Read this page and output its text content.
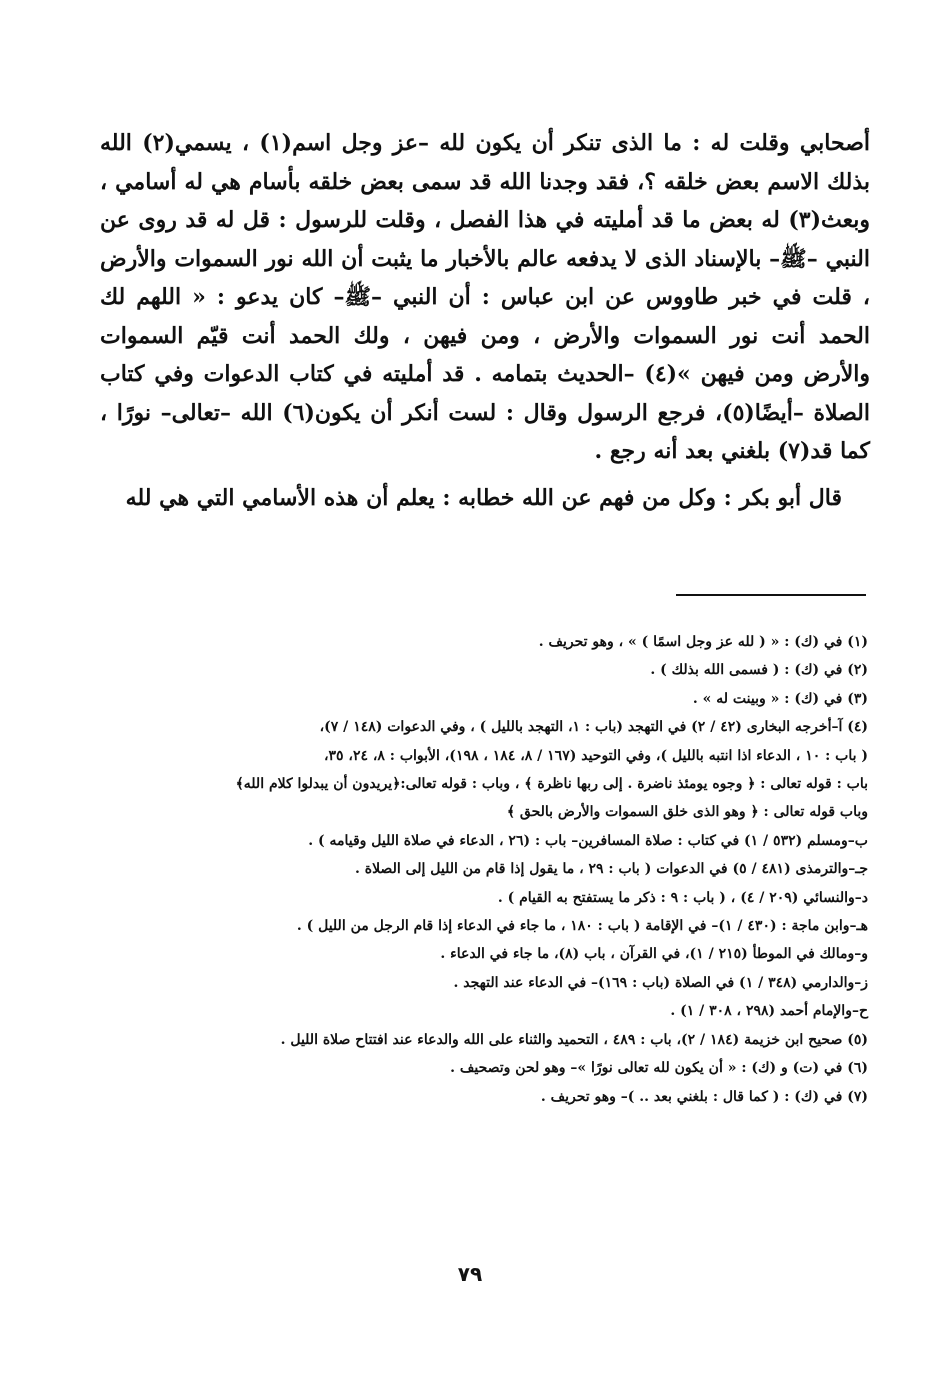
أصحابي وقلت له : ما الذى تنكر أن يكون لله –عز وجل اسم(١) ، يسمي(٢) الله بذلك الاسم بعض خلقه ؟، فقد وجدنا الله قد سمى بعض خلقه بأسام هي له أسامي ، وبعث(٣) له بعض ما قد أمليته في هذا الفصل ، وقلت للرسول : قل له قد روى عن النبي –ﷺ– بالإسناد الذى لا يدفعه عالم بالأخبار ما يثبت أن الله نور السموات والأرض ، قلت في خبر طاووس عن ابن عباس : أن النبي –ﷺ– كان يدعو : « اللهم لك الحمد أنت نور السموات والأرض ، ومن فيهن ، ولك الحمد أنت قيّم السموات والأرض ومن فيهن »(٤) –الحديث بتمامه . قد أمليته في كتاب الدعوات وفي كتاب الصلاة –أيضًا(٥)، فرجع الرسول وقال : لست أنكر أن يكون(٦) الله –تعالى– نورًا ، كما قد(٧) بلغني بعد أنه رجع .

قال أبو بكر : وكل من فهم عن الله خطابه : يعلم أن هذه الأسامي التي هي لله

(١) في (ك) : « ( لله عز وجل اسمًا ) » ، وهو تحريف .
(٢) في (ك) : ( فسمى الله بذلك ) .
(٣) في (ك) : « وبينت له » .
(٤) آ–أخرجه البخارى (٤٢ / ٢) في التهجد (باب : ١، التهجد بالليل ) ، وفي الدعوات (١٤٨ / ٧)،
( باب : ١٠ ، الدعاء اذا انتبه بالليل )، وفي التوحيد (١٦٧ / ٨، ١٨٤ ، ١٩٨)، الأبواب : ٨، ٢٤، ٣٥،
باب : قوله تعالى : ﴿ وجوه يومئذ ناضرة . إلى ربها ناظرة ﴾ ، وباب : قوله تعالى:﴿يريدون أن يبدلوا كلام الله﴾
وباب قوله تعالى : ﴿ وهو الذى خلق السموات والأرض بالحق ﴾
ب–ومسلم (٥٣٢ / ١) في كتاب : صلاة المسافرين– باب : (٢٦ ، الدعاء في صلاة الليل وقيامه ) .
جـ–والترمذى (٤٨١ / ٥) في الدعوات ( باب : ٢٩ ، ما يقول إذا قام من الليل إلى الصلاة .
د–والنسائي (٢٠٩ / ٤) ، ( باب : ٩ : ذكر ما يستفتح به القيام ) .
هـ–وابن ماجة : (٤٣٠ / ١)– في الإقامة ( باب : ١٨٠ ، ما جاء في الدعاء إذا قام الرجل من الليل ) .
و–ومالك في الموطأ (٢١٥ / ١)، في القرآن ، باب (٨)، ما جاء في الدعاء .
ز–والدارمي (٣٤٨ / ١) في الصلاة (باب : ١٦٩)– في الدعاء عند التهجد .
ح–والإمام أحمد (٢٩٨ ، ٣٠٨ / ١) .
(٥) صحيح ابن خزيمة (١٨٤ / ٢)، باب : ٤٨٩ ، التحميد والثناء على الله والدعاء عند افتتاح صلاة الليل .
(٦) في (ت) و (ك) : « أن يكون لله تعالى نورًا »– وهو لحن وتصحيف .
(٧) في (ك) : ( كما قال : بلغني بعد .. )– وهو تحريف .
٧٩
